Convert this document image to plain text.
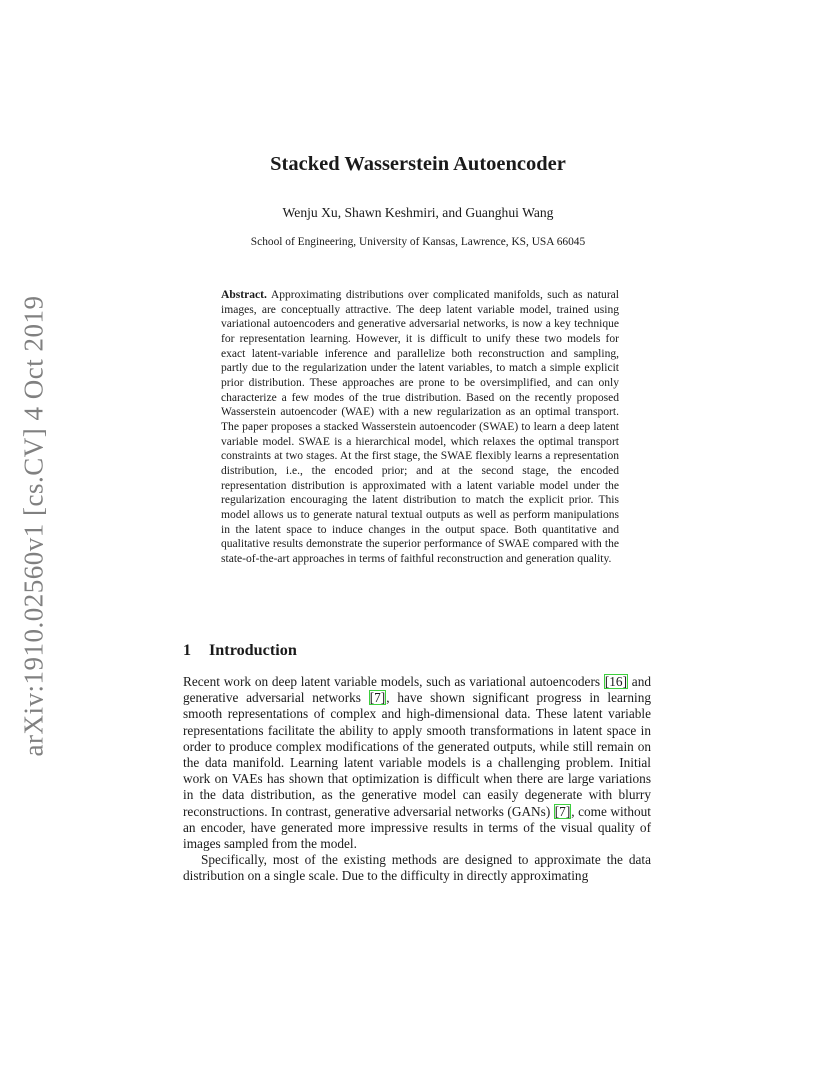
arXiv:1910.02560v1 [cs.CV] 4 Oct 2019
Stacked Wasserstein Autoencoder
Wenju Xu, Shawn Keshmiri, and Guanghui Wang
School of Engineering, University of Kansas, Lawrence, KS, USA 66045
Abstract. Approximating distributions over complicated manifolds, such as natural images, are conceptually attractive. The deep latent variable model, trained using variational autoencoders and generative adversarial networks, is now a key technique for representation learning. However, it is difficult to unify these two models for exact latent-variable inference and parallelize both reconstruction and sampling, partly due to the regularization under the latent variables, to match a simple explicit prior distribution. These approaches are prone to be oversimplified, and can only characterize a few modes of the true distribution. Based on the recently proposed Wasserstein autoencoder (WAE) with a new regularization as an optimal transport. The paper proposes a stacked Wasserstein autoencoder (SWAE) to learn a deep latent variable model. SWAE is a hierarchical model, which relaxes the optimal transport constraints at two stages. At the first stage, the SWAE flexibly learns a representation distribution, i.e., the encoded prior; and at the second stage, the encoded representation distribution is approximated with a latent variable model under the regularization encouraging the latent distribution to match the explicit prior. This model allows us to generate natural textual outputs as well as perform manipulations in the latent space to induce changes in the output space. Both quantitative and qualitative results demonstrate the superior performance of SWAE compared with the state-of-the-art approaches in terms of faithful reconstruction and generation quality.
1 Introduction

Recent work on deep latent variable models, such as variational autoencoders [16] and generative adversarial networks [7], have shown significant progress in learning smooth representations of complex and high-dimensional data. These latent variable representations facilitate the ability to apply smooth transformations in latent space in order to produce complex modifications of the generated outputs, while still remain on the data manifold. Learning latent variable models is a challenging problem. Initial work on VAEs has shown that optimization is difficult when there are large variations in the data distribution, as the generative model can easily degenerate with blurry reconstructions. In contrast, generative adversarial networks (GANs) [7], come without an encoder, have generated more impressive results in terms of the visual quality of images sampled from the model.

Specifically, most of the existing methods are designed to approximate the data distribution on a single scale. Due to the difficulty in directly approximating
